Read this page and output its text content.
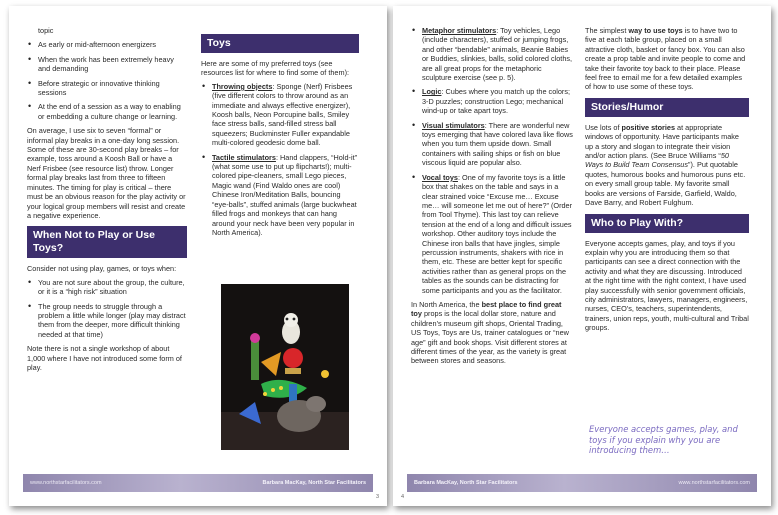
topic
• As early or mid-afternoon energizers
• When the work has been extremely heavy and demanding
• Before strategic or innovative thinking sessions
• At the end of a session as a way to enabling or embedding a culture change or learning.

On average, I use six to seven “formal” or informal play breaks in a one-day long session. Some of these are 30-second play breaks – for example, toss around a Koosh Ball or have a Nerf Frisbee (see resource list) throw. Longer formal play breaks last from three to fifteen minutes. The timing for play is critical – there must be an obvious reason for the play activity or your logical group members will resist and create a negative experience.

When Not to Play or Use Toys?

Consider not using play, games, or toys when:

• You are not sure about the group, the culture, or it is a “high risk” situation
• The group needs to struggle through a problem a little while longer (play may distract them from the deeper, more difficult thinking needed at that time)

Note there is not a single workshop of about 1,000 where I have not introduced some form of play.

Toys

Here are some of my preferred toys (see resources list for where to find some of them):

• Throwing objects: Sponge (Nerf) Frisbees (five different colors to throw around as an immediate and always effective energizer), Koosh balls, Neon Porcupine balls, Smiley face stress balls, sand-filled stress ball squeezers; Buckminster Fuller expandable multi-colored geodesic dome ball.
• Tactile stimulators: Hand clappers, “Hold-it” (what some use to put up flipcharts!); multi-colored pipe-cleaners, small Lego pieces, Magic wand (Find Waldo ones are cool) Chinese Iron/Meditation Balls, bouncing “eye-balls”, stuffed animals (large buckwheat filled frogs and monkeys that can hang around your neck have been very popular in North America).
www.northstarfacilitators.com	Barbara MacKay, North Star Facilitators
3
• Metaphor stimulators: Toy vehicles, Lego (include characters), stuffed or jumping frogs, and other “bendable” animals, Beanie Babies or Buddies, slinkies, balls, solid colored cloths, are all great props for the metaphoric sculpture exercise (see p. 5).
• Logic: Cubes where you match up the colors; 3-D puzzles; construction Lego; mechanical wind-up or take apart toys.
• Visual stimulators: There are wonderful new toys emerging that have colored lava like flows when you turn them upside down. Small containers with sailing ships or fish on blue viscous liquid are popular also.
• Vocal toys: One of my favorite toys is a little box that shakes on the table and says in a clear strained voice “Excuse me… Excuse me… will someone let me out of here?” (Order from Tool Thyme). This last toy can relieve tension at the end of a long and difficult issues workshop. Other auditory toys include the Chinese iron balls that have jingles, simple percussion instruments, shakers with rice in them, etc. These are better kept for specific activities rather than as general props on the tables as the sounds can be distracting for some participants and you as the facilitator.

In North America, the best place to find great toy props is the local dollar store, nature and children’s museum gift shops, Oriental Trading, US Toys, Toys are Us, trainer catalogues or “new age” gift and book shops. Visit different stores at different times of the year, as the variety is great between stores and seasons.

The simplest way to use toys is to have two to five at each table group, placed on a small attractive cloth, basket or fancy box. You can also create a prop table and invite people to come and take their favorite toy back to their place. Please feel free to email me for a few detailed examples of how to use some of these toys.

Stories/Humor

Use lots of positive stories at appropriate windows of opportunity. Have participants make up a story and slogan to integrate their vision and/or action plans. (See Bruce Williams “50 Ways to Build Team Consensus”). Put quotable quotes, humorous books and humorous puns etc. on every small group table. My favorite small books are versions of Farside, Garfield, Waldo, Dave Barry, and Robert Fulghum.

Who to Play With?

Everyone accepts games, play, and toys if you explain why you are introducing them so that participants can see a direct connection with the activity and what they are discussing. Introduced at the right time with the right context, I have used play successfully with senior government officials, city administrators, lawyers, managers, engineers, nurses, CEO’s, teachers, superintendents, trainers, union reps, youth, multi-cultural and Tribal groups.

Everyone accepts games, play, and toys if you explain why you are introducing them…
Barbara MacKay, North Star Facilitators	www.northstarfacilitators.com
4
